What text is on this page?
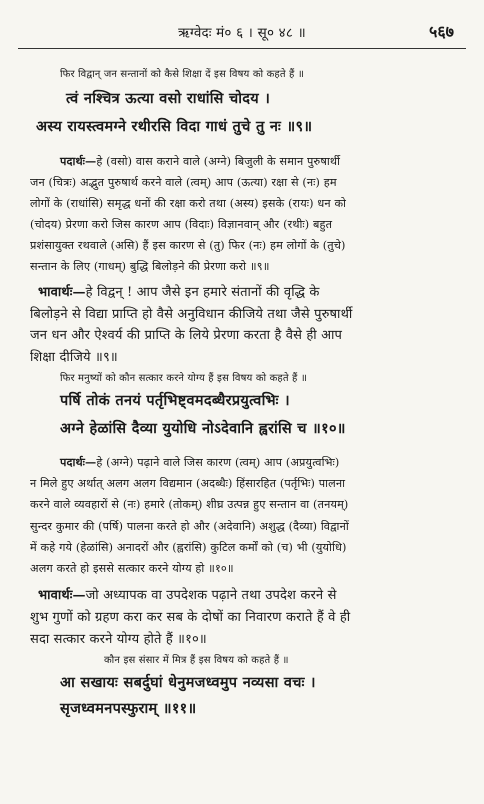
ऋग्वेदः मं० ६ । सू० ४८ ॥	५६७
फिर विद्वान् जन सन्तानों को कैसे शिक्षा दें इस विषय को कहते हैं ॥
त्वं नश्चित्र ऊत्या वसो राधांसि चोदय ।
अस्य रायस्त्वमग्ने रथीरसि विदा गाधं तुचे तु नः ॥९॥
पदार्थः—हे (वसो) वास कराने वाले (अग्ने) बिजुली के समान पुरुषार्थी
जन (चित्रः) अद्भुत पुरुषार्थ करने वाले (त्वम्) आप (ऊत्या) रक्षा से (नः) हम
लोगों के (राधांसि) समृद्ध धनों की रक्षा करो तथा (अस्य) इसके (रायः) धन को
(चोदय) प्रेरणा करो जिस कारण आप (विदाः) विज्ञानवान् और (रथीः) बहुत
प्रशंसायुक्त रथवाले (असि) हैं इस कारण से (तु) फिर (नः) हम लोगों के (तुचे)
सन्तान के लिए (गाधम्) बुद्धि बिलोड़ने की प्रेरणा करो ॥९॥
भावार्थः—हे विद्वन् ! आप जैसे इन हमारे संतानों की वृद्धि के
बिलोड़ने से विद्या प्राप्ति हो वैसे अनुविधान कीजिये तथा जैसे पुरुषार्थी
जन धन और ऐश्वर्य की प्राप्ति के लिये प्रेरणा करता है वैसे ही आप
शिक्षा दीजिये ॥९॥
फिर मनुष्यों को कौन सत्कार करने योग्य हैं इस विषय को कहते हैं ॥
पर्षि तोकं तनयं पर्तृभिष्ट्वमदब्धैरप्रयुत्वभिः ।
अग्ने हेळांसि दैव्या युयोधि नोऽदेवानि ह्वरांसि च ॥१०॥
पदार्थः—हे (अग्ने) पढ़ाने वाले जिस कारण (त्वम्) आप (अप्रयुत्वभिः)
न मिले हुए अर्थात् अलग अलग विद्यमान (अदब्धैः) हिंसारहित (पर्तृभिः) पालना
करने वाले व्यवहारों से (नः) हमारे (तोकम्) शीघ्र उत्पन्न हुए सन्तान वा (तनयम्)
सुन्दर कुमार की (पर्षि) पालना करते हो और (अदेवानि) अशुद्ध (दैव्या) विद्वानों
में कहे गये (हेळांसि) अनादरों और (ह्वरांसि) कुटिल कर्मों को (च) भी (युयोधि)
अलग करते हो इससे सत्कार करने योग्य हो ॥१०॥
भावार्थः—जो अध्यापक वा उपदेशक पढ़ाने तथा उपदेश करने से
शुभ गुणों को ग्रहण करा कर सब के दोषों का निवारण कराते हैं वे ही
सदा सत्कार करने योग्य होते हैं ॥१०॥
कौन इस संसार में मित्र हैं इस विषय को कहते हैं ॥
आ सखायः सबर्दुघां धेनुमजध्वमुप नव्यसा वचः ।
सृजध्वमनपस्फुराम् ॥११॥
